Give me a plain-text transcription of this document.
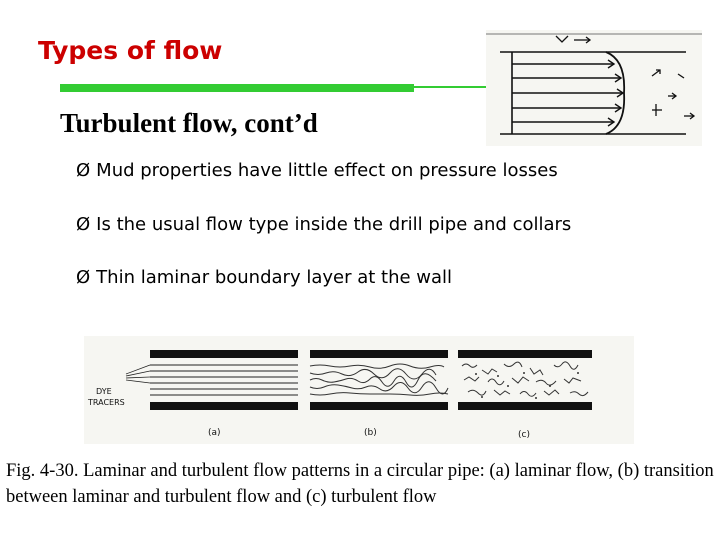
Types of flow
Turbulent flow, cont’d
Ø Mud properties have little effect on pressure losses
Ø Is the usual flow type inside the drill pipe and collars
Ø Thin laminar boundary layer at the wall
DYE
TRACERS
(a)	(b)	(c)

Fig. 4-30. Laminar and turbulent flow patterns in a circular pipe: (a) laminar flow, (b) transition between laminar and turbulent flow and (c) turbulent flow
